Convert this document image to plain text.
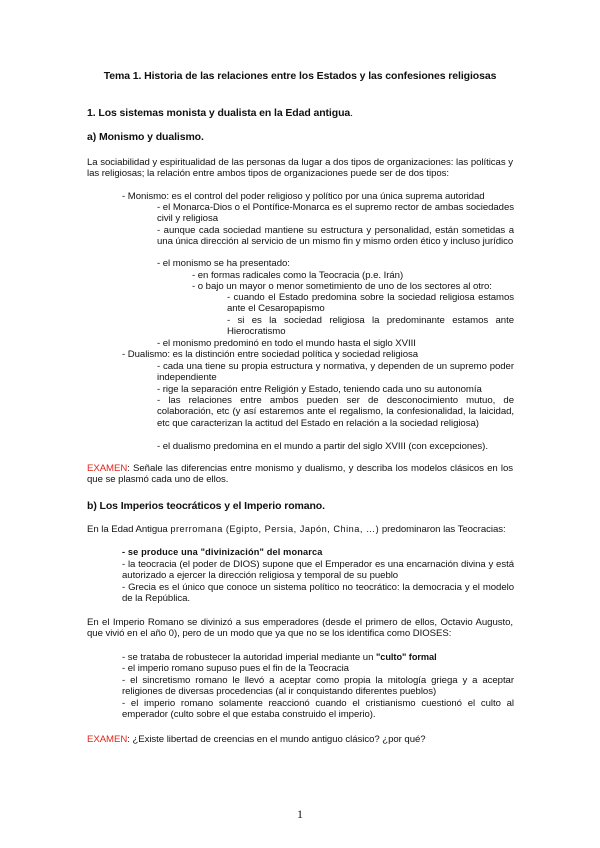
Tema 1. Historia de las relaciones entre los Estados y las confesiones religiosas
1. Los sistemas monista y dualista en la Edad antigua.
a) Monismo y dualismo.
La sociabilidad y espiritualidad de las personas da lugar a dos tipos de organizaciones: las políticas y las religiosas; la relación entre ambos tipos de organizaciones puede ser de dos tipos:
- Monismo: es el control del poder religioso y político por una única suprema autoridad
- el Monarca-Dios o el Pontífice-Monarca es el supremo rector de ambas sociedades civil y religiosa
- aunque cada sociedad mantiene su estructura y personalidad, están sometidas a una única dirección al servicio de un mismo fin y mismo orden ético y incluso jurídico
- el monismo se ha presentado:
- en formas radicales como la Teocracia (p.e. Irán)
- o bajo un mayor o menor sometimiento de uno de los sectores al otro:
- cuando el Estado predomina sobre la sociedad religiosa estamos ante el Cesaropapismo
- si es la sociedad religiosa la predominante estamos ante Hierocratismo
- el monismo predominó en todo el mundo hasta el siglo XVIII
- Dualismo: es la distinción entre sociedad política y sociedad religiosa
- cada una tiene su propia estructura y normativa, y dependen de un supremo poder independiente
- rige la separación entre Religión y Estado, teniendo cada uno su autonomía
- las relaciones entre ambos pueden ser de desconocimiento mutuo, de colaboración, etc (y así estaremos ante el regalismo, la confesionalidad, la laicidad, etc que caracterizan la actitud del Estado en relación a la sociedad religiosa)
- el dualismo predomina en el mundo a partir del siglo XVIII (con excepciones).
EXAMEN: Señale las diferencias entre monismo y dualismo, y describa los modelos clásicos en los que se plasmó cada uno de ellos.
b) Los Imperios teocráticos y el Imperio romano.
En la Edad Antigua prerromana (Egipto, Persia, Japón, China, …) predominaron las Teocracias:
- se produce una "divinización" del monarca
- la teocracia (el poder de DIOS) supone que el Emperador es una encarnación divina y está autorizado a ejercer la dirección religiosa y temporal de su pueblo
- Grecia es el único que conoce un sistema político no teocrático: la democracia y el modelo de la República.
En el Imperio Romano se divinizó a sus emperadores (desde el primero de ellos, Octavio Augusto, que vivió en el año 0), pero de un modo que ya que no se los identifica como DIOSES:
- se trataba de robustecer la autoridad imperial mediante un "culto" formal
- el imperio romano supuso pues el fin de la Teocracia
- el sincretismo romano le llevó a aceptar como propia la mitología griega y a aceptar religiones de diversas procedencias (al ir conquistando diferentes pueblos)
- el imperio romano solamente reaccionó cuando el cristianismo cuestionó el culto al emperador (culto sobre el que estaba construido el imperio).
EXAMEN: ¿Existe libertad de creencias en el mundo antiguo clásico? ¿por qué?
1
